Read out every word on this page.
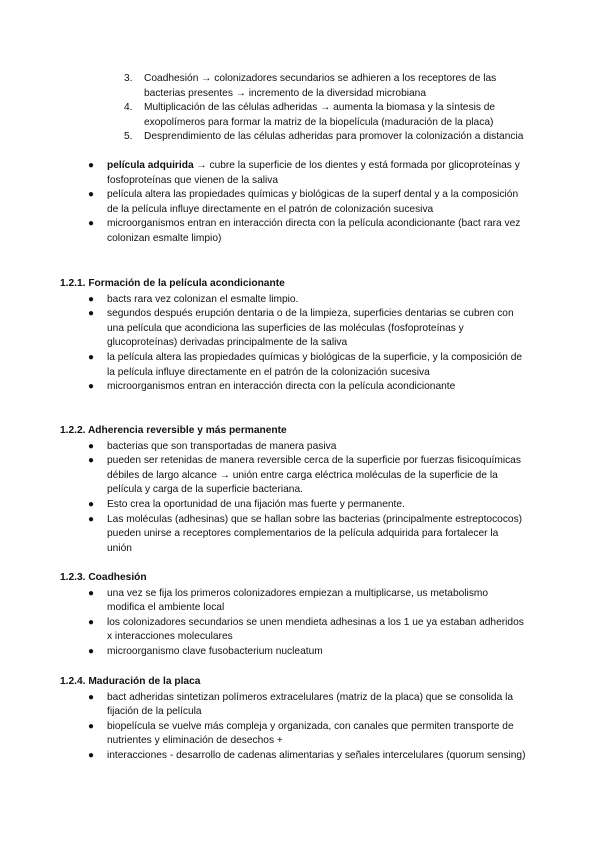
3. Coadhesión → colonizadores secundarios se adhieren a los receptores de las bacterias presentes → incremento de la diversidad microbiana
4. Multiplicación de las células adheridas → aumenta la biomasa y la síntesis de exopolímeros para formar la matriz de la biopelícula (maduración de la placa)
5. Desprendimiento de las células adheridas para promover la colonización a distancia
● película adquirida → cubre la superficie de los dientes y está formada por glicoproteínas y fosfoproteínas que vienen de la saliva
● película altera las propiedades químicas y biológicas de la superf dental y a la composición de la película influye directamente en el patrón de colonización sucesiva
● microorganismos entran en interacción directa con la película acondicionante (bact rara vez colonizan esmalte limpio)
1.2.1. Formación de la película acondicionante
● bacts rara vez colonizan el esmalte limpio.
● segundos después erupción dentaria o de la limpieza, superficies dentarias se cubren con una película que acondiciona las superficies de las moléculas (fosfoproteínas y glucoproteínas) derivadas principalmente de la saliva
● la película altera las propiedades químicas y biológicas de la superficie, y la composición de la película influye directamente en el patrón de la colonización sucesiva
● microorganismos entran en interacción directa con la película acondicionante
1.2.2. Adherencia reversible y más permanente
● bacterias que son transportadas de manera pasiva
● pueden ser retenidas de manera reversible cerca de la superficie por fuerzas fisicoquímicas débiles de largo alcance → unión entre carga eléctrica moléculas de la superficie de la película y carga de la superficie bacteriana.
● Esto crea la oportunidad de una fijación mas fuerte y permanente.
● Las moléculas (adhesinas) que se hallan sobre las bacterias (principalmente estreptococos) pueden unirse a receptores complementarios de la película adquirida para fortalecer la unión
1.2.3. Coadhesión
● una vez se fija los primeros colonizadores empiezan a multiplicarse, us metabolismo modifica el ambiente local
● los colonizadores secundarios se unen mendieta adhesinas a los 1 ue ya estaban adheridos x interacciones moleculares
● microorganismo clave fusobacterium nucleatum
1.2.4. Maduración de la placa
● bact adheridas sintetizan polímeros extracelulares (matriz de la placa) que se consolida la fijación de la película
● biopelícula se vuelve más compleja y organizada, con canales que permiten transporte de nutrientes y eliminación de desechos +
● interacciones - desarrollo de cadenas alimentarias y señales intercelulares (quorum sensing)
